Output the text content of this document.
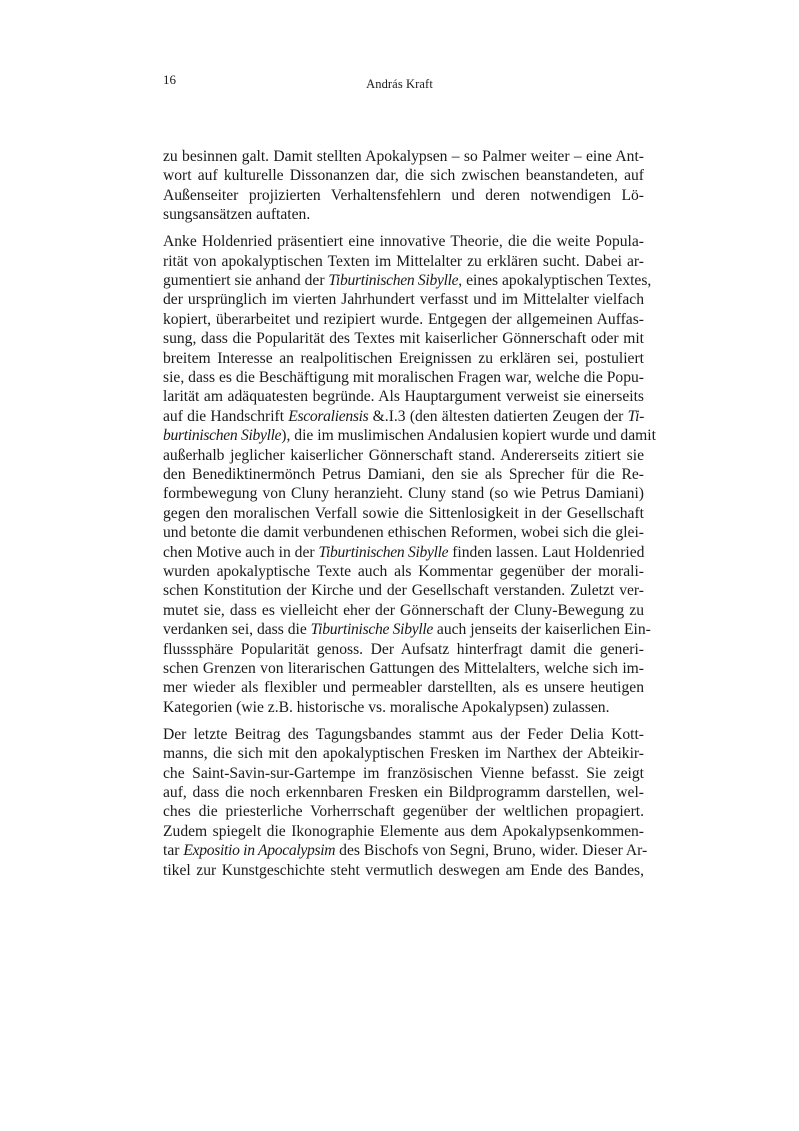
16	András Kraft

zu besinnen galt. Damit stellten Apokalypsen – so Palmer weiter – eine Ant-
wort auf kulturelle Dissonanzen dar, die sich zwischen beanstandeten, auf
Außenseiter projizierten Verhaltensfehlern und deren notwendigen Lö-
sungsansätzen auftaten.

Anke Holdenried präsentiert eine innovative Theorie, die die weite Popula-
rität von apokalyptischen Texten im Mittelalter zu erklären sucht. Dabei ar-
gumentiert sie anhand der Tiburtinischen Sibylle, eines apokalyptischen Textes,
der ursprünglich im vierten Jahrhundert verfasst und im Mittelalter vielfach
kopiert, überarbeitet und rezipiert wurde. Entgegen der allgemeinen Auffas-
sung, dass die Popularität des Textes mit kaiserlicher Gönnerschaft oder mit
breitem Interesse an realpolitischen Ereignissen zu erklären sei, postuliert
sie, dass es die Beschäftigung mit moralischen Fragen war, welche die Popu-
larität am adäquatesten begründe. Als Hauptargument verweist sie einerseits
auf die Handschrift Escoraliensis &.I.3 (den ältesten datierten Zeugen der Ti-
burtinischen Sibylle), die im muslimischen Andalusien kopiert wurde und damit
außerhalb jeglicher kaiserlicher Gönnerschaft stand. Andererseits zitiert sie
den Benediktinermönch Petrus Damiani, den sie als Sprecher für die Re-
formbewegung von Cluny heranzieht. Cluny stand (so wie Petrus Damiani)
gegen den moralischen Verfall sowie die Sittenlosigkeit in der Gesellschaft
und betonte die damit verbundenen ethischen Reformen, wobei sich die glei-
chen Motive auch in der Tiburtinischen Sibylle finden lassen. Laut Holdenried
wurden apokalyptische Texte auch als Kommentar gegenüber der morali-
schen Konstitution der Kirche und der Gesellschaft verstanden. Zuletzt ver-
mutet sie, dass es vielleicht eher der Gönnerschaft der Cluny-Bewegung zu
verdanken sei, dass die Tiburtinische Sibylle auch jenseits der kaiserlichen Ein-
flusssphäre Popularität genoss. Der Aufsatz hinterfragt damit die generi-
schen Grenzen von literarischen Gattungen des Mittelalters, welche sich im-
mer wieder als flexibler und permeabler darstellten, als es unsere heutigen
Kategorien (wie z.B. historische vs. moralische Apokalypsen) zulassen.

Der letzte Beitrag des Tagungsbandes stammt aus der Feder Delia Kott-
manns, die sich mit den apokalyptischen Fresken im Narthex der Abteikir-
che Saint-Savin-sur-Gartempe im französischen Vienne befasst. Sie zeigt
auf, dass die noch erkennbaren Fresken ein Bildprogramm darstellen, wel-
ches die priesterliche Vorherrschaft gegenüber der weltlichen propagiert.
Zudem spiegelt die Ikonographie Elemente aus dem Apokalypsenkommen-
tar Expositio in Apocalypsim des Bischofs von Segni, Bruno, wider. Dieser Ar-
tikel zur Kunstgeschichte steht vermutlich deswegen am Ende des Bandes,
